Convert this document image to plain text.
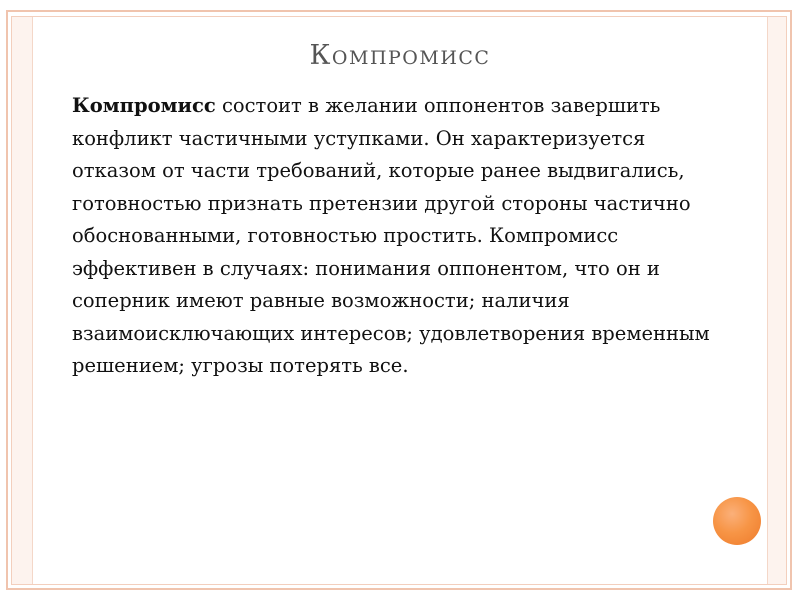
Компромисс
Компромисс состоит в желании оппонентов завершить конфликт частичными уступками. Он характеризуется отказом от части требований, которые ранее выдвигались, готовностью признать претензии другой стороны частично обоснованными, готовностью простить. Компромисс эффективен в случаях: понимания оппонентом, что он и соперник имеют равные возможности; наличия взаимоисключающих интересов; удовлетворения временным решением; угрозы потерять все.
